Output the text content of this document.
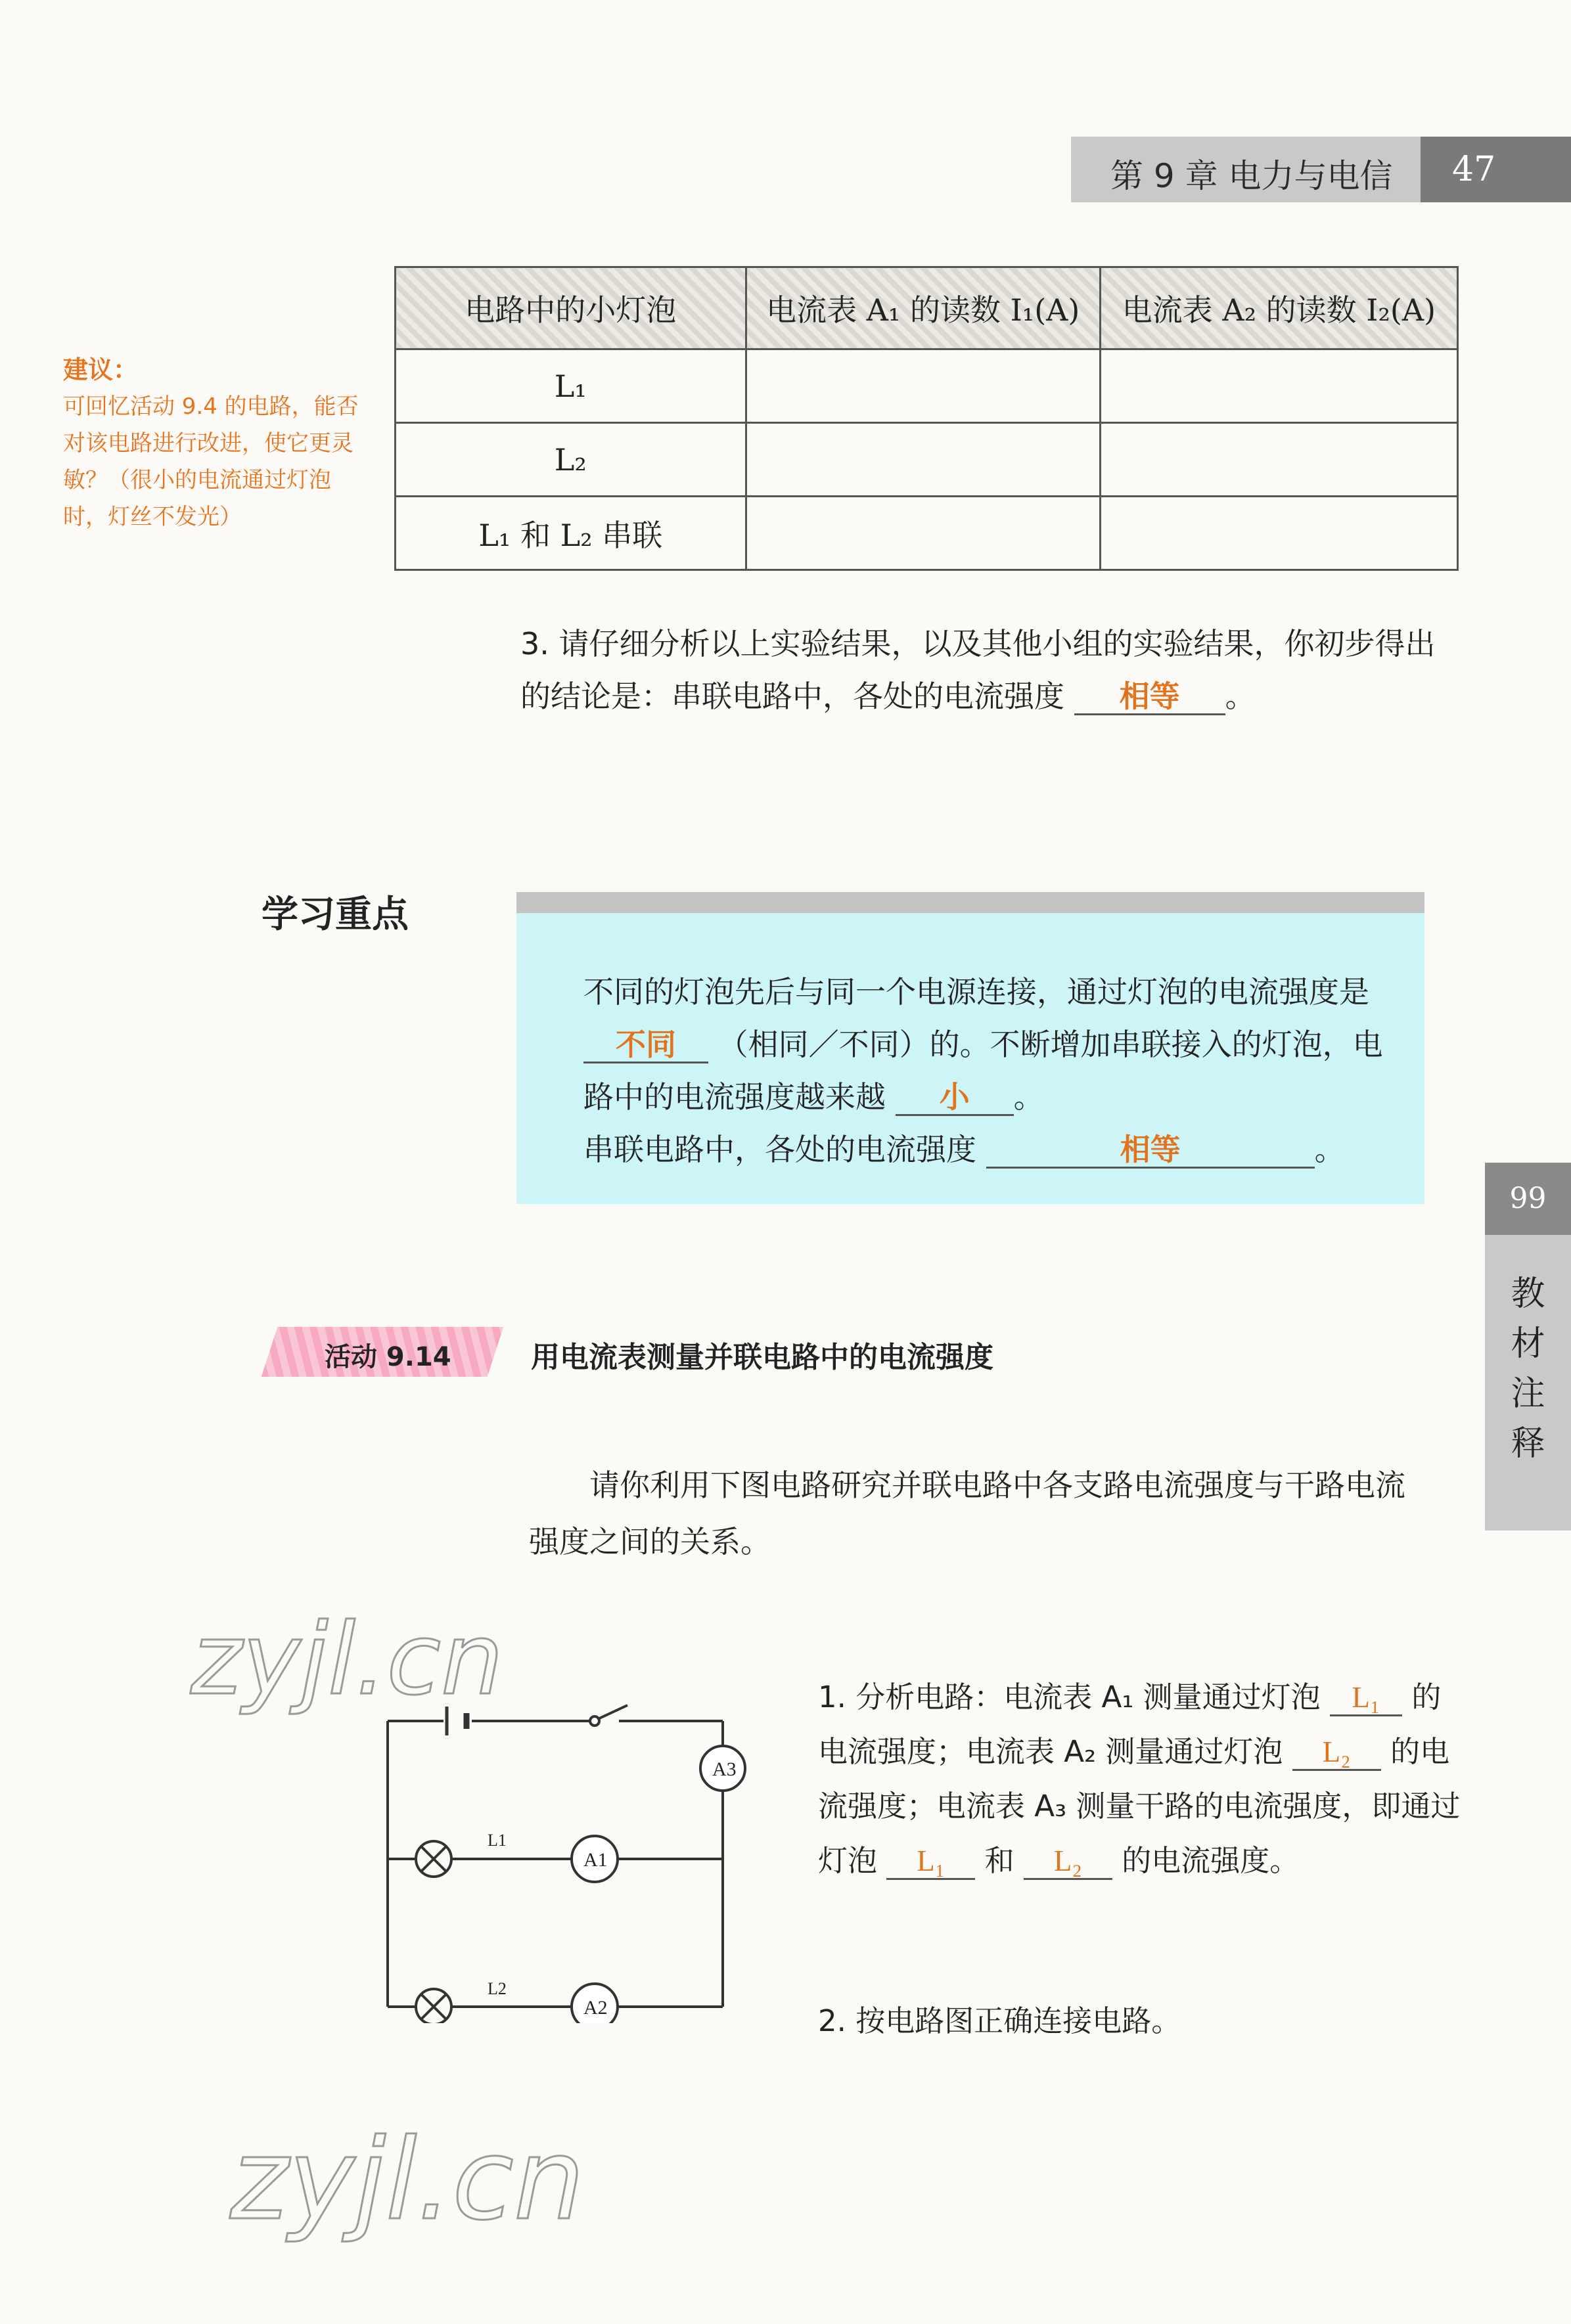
第 9 章 电力与电信	47
99
教
材
注
释
建议：
可回忆活动 9.4 的电路，能否对该电路进行改进，使它更灵敏？（很小的电流通过灯泡时，灯丝不发光）
电路中的小灯泡	电流表 A₁ 的读数 I₁(A)	电流表 A₂ 的读数 I₂(A)
L₁		
L₂		
L₁ 和 L₂ 串联		
3. 请仔细分析以上实验结果，以及其他小组的实验结果，你初步得出的结论是：串联电路中，各处的电流强度 相等 。
学习重点
不同的灯泡先后与同一个电源连接，通过灯泡的电流强度是 不同 （相同／不同）的。不断增加串联接入的灯泡，电路中的电流强度越来越 小 。
串联电路中，各处的电流强度	相等	。
活动 9.14	用电流表测量并联电路中的电流强度
请你利用下图电路研究并联电路中各支路电流强度与干路电流强度之间的关系。
A3
A1
A2
L1
L2
1. 分析电路：电流表 A₁ 测量通过灯泡 L₁ 的电流强度；电流表 A₂ 测量通过灯泡 L₂ 的电流强度；电流表 A₃ 测量干路的电流强度，即通过灯泡 L₁ 和 L₂ 的电流强度。
2. 按电路图正确连接电路。
zyjl.cn
zyjl.cn
